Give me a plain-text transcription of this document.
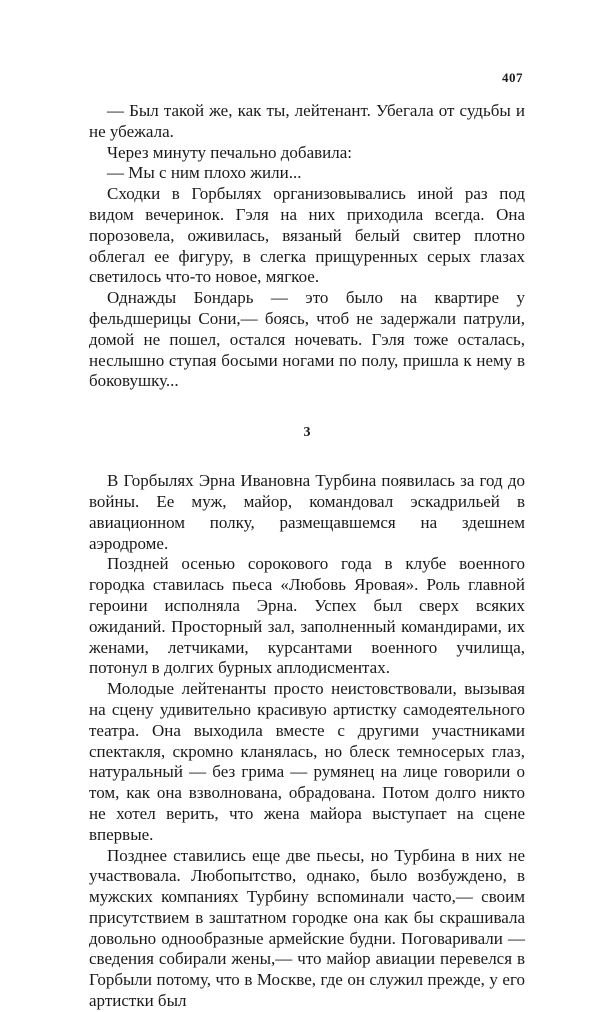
407

— Был такой же, как ты, лейтенант. Убегала от судьбы и не убежала.

Через минуту печально добавила:

— Мы с ним плохо жили...

Сходки в Горбылях организовывались иной раз под видом вечеринок. Гэля на них приходила всегда. Она порозовела, оживилась, вязаный белый свитер плотно облегал ее фигуру, в слегка прищуренных серых глазах светилось что-то новое, мягкое.

Однажды Бондарь — это было на квартире у фельдшерицы Сони,— боясь, чтоб не задержали патрули, домой не пошел, остался ночевать. Гэля тоже осталась, неслышно ступая босыми ногами по полу, пришла к нему в боковушку...

3

В Горбылях Эрна Ивановна Турбина появилась за год до войны. Ее муж, майор, командовал эскадрильей в авиационном полку, размещавшемся на здешнем аэродроме.

Поздней осенью сорокового года в клубе военного городка ставилась пьеса «Любовь Яровая». Роль главной героини исполняла Эрна. Успех был сверх всяких ожиданий. Просторный зал, заполненный командирами, их женами, летчиками, курсантами военного училища, потонул в долгих бурных аплодисментах.

Молодые лейтенанты просто неистовствовали, вызывая на сцену удивительно красивую артистку самодеятельного театра. Она выходила вместе с другими участниками спектакля, скромно кланялась, но блеск темносерых глаз, натуральный — без грима — румянец на лице говорили о том, как она взволнована, обрадована. Потом долго никто не хотел верить, что жена майора выступает на сцене впервые.

Позднее ставились еще две пьесы, но Турбина в них не участвовала. Любопытство, однако, было возбуждено, в мужских компаниях Турбину вспоминали часто,— своим присутствием в заштатном городке она как бы скрашивала довольно однообразные армейские будни. Поговаривали — сведения собирали жены,— что майор авиации перевелся в Горбыли потому, что в Москве, где он служил прежде, у его артистки был
